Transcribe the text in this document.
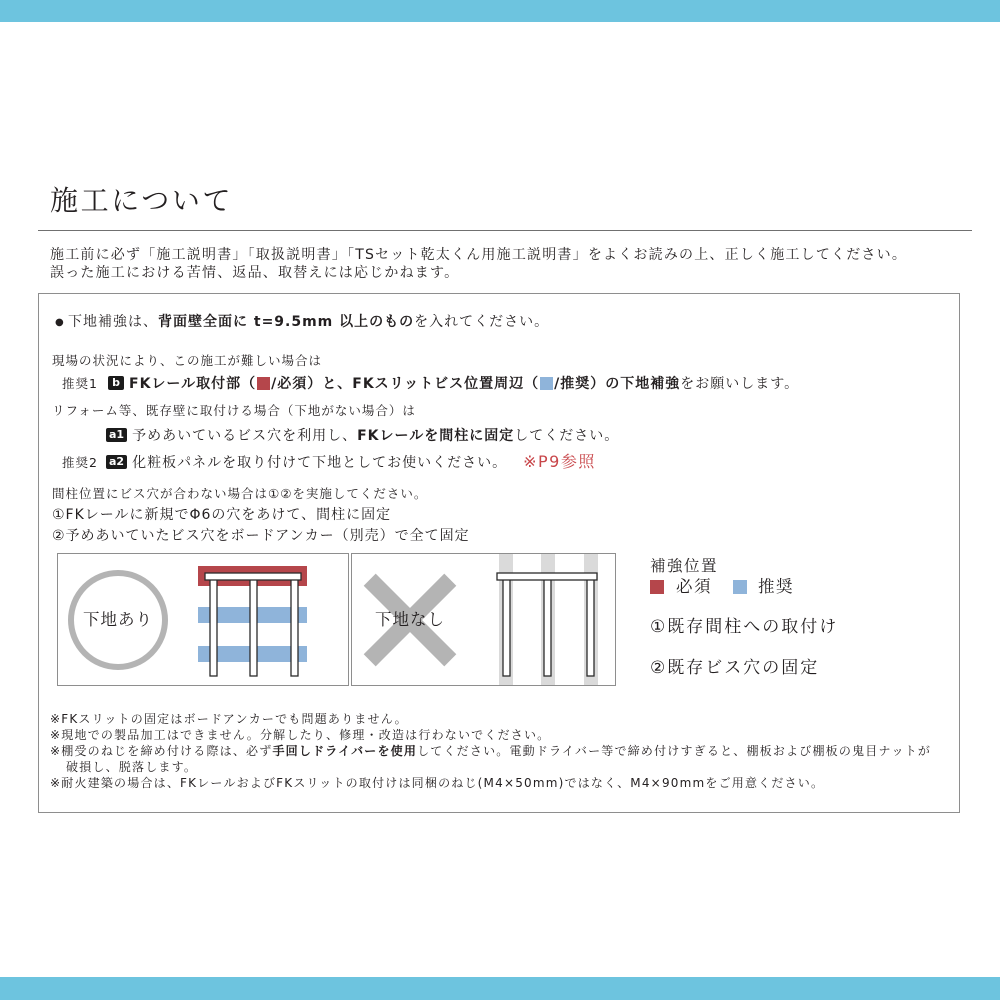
施工について
施工前に必ず「施工説明書」「取扱説明書」「TSセット乾太くん用施工説明書」をよくお読みの上、正しく施工してください。
誤った施工における苦情、返品、取替えには応じかねます。
● 下地補強は、背面壁全面に t=9.5mm 以上のものを入れてください。
現場の状況により、この施工が難しい場合は
推奨1 b FKレール取付部（ /必須）と、FKスリットビス位置周辺（ /推奨）の下地補強をお願いします。
リフォーム等、既存壁に取付ける場合（下地がない場合）は
a1 予めあいているビス穴を利用し、FKレールを間柱に固定してください。
推奨2 a2 化粧板パネルを取り付けて下地としてお使いください。 ※P9参照
間柱位置にビス穴が合わない場合は①②を実施してください。
①FKレールに新規でΦ6の穴をあけて、間柱に固定
②予めあいていたビス穴をボードアンカー（別売）で全て固定
下地あり	下地なし
補強位置
必須	推奨
①既存間柱への取付け
②既存ビス穴の固定
※FKスリットの固定はボードアンカーでも問題ありません。
※現地での製品加工はできません。分解したり、修理・改造は行わないでください。
※棚受のねじを締め付ける際は、必ず手回しドライバーを使用してください。電動ドライバー等で締め付けすぎると、棚板および棚板の鬼目ナットが
破損し、脱落します。
※耐火建築の場合は、FKレールおよびFKスリットの取付けは同梱のねじ(M4×50mm)ではなく、M4×90mmをご用意ください。
